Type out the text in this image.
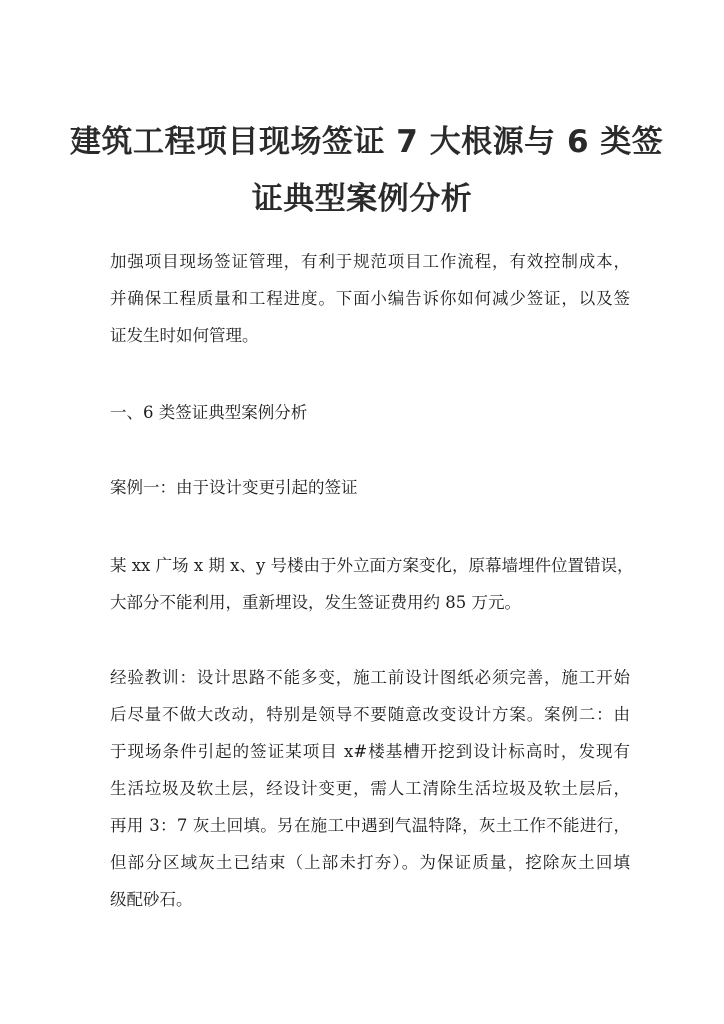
建筑工程项目现场签证 7 大根源与 6 类签
证典型案例分析
加强项目现场签证管理，有利于规范项目工作流程，有效控制成本，
并确保工程质量和工程进度。下面小编告诉你如何减少签证，以及签
证发生时如何管理。
一、6 类签证典型案例分析
案例一：由于设计变更引起的签证
某 xx 广场 x 期 x、y 号楼由于外立面方案变化，原幕墙埋件位置错误，
大部分不能利用，重新埋设，发生签证费用约 85 万元。
经验教训：设计思路不能多变，施工前设计图纸必须完善，施工开始
后尽量不做大改动，特别是领导不要随意改变设计方案。案例二：由
于现场条件引起的签证某项目 x#楼基槽开挖到设计标高时，发现有
生活垃圾及软土层，经设计变更，需人工清除生活垃圾及软土层后，
再用 3：7 灰土回填。另在施工中遇到气温特降，灰土工作不能进行，
但部分区域灰土已结束（上部未打夯）。为保证质量，挖除灰土回填
级配砂石。
